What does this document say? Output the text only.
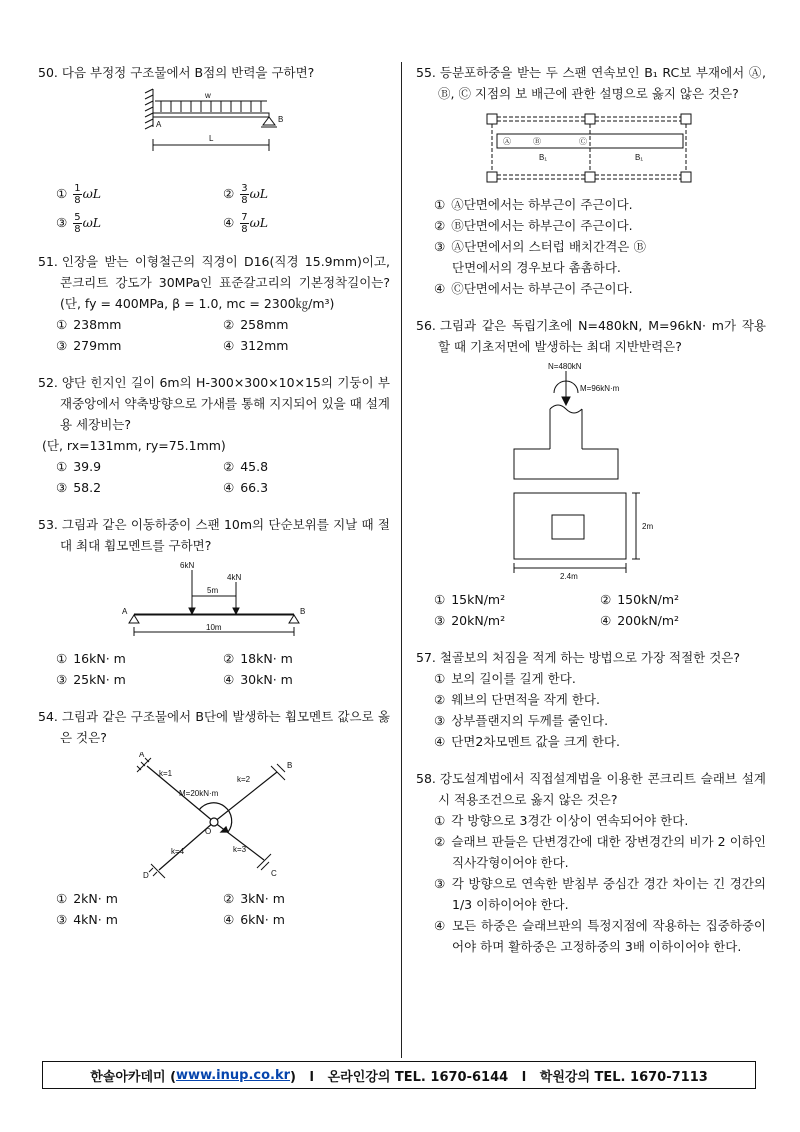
50. 다음 부정정 구조물에서 B점의 반력을 구하면?
w
A
B
L
① $\frac{1}{8}$ ωL	② $\frac{3}{8}$ ωL
③ $\frac{5}{8}$ ωL	④ $\frac{7}{8}$ ωL
51. 인장을 받는 이형철근의 직경이 D16(직경 15.9mm)이고, 콘크리트 강도가 30MPa인 표준갈고리의 기본정착길이는? (단, fy = 400MPa, β = 1.0, mc = 2300㎏/m³)
① 238mm	② 258mm
③ 279mm	④ 312mm
52. 양단 힌지인 길이 6m의 H-300×300×10×15의 기둥이 부재중앙에서 약축방향으로 가새를 통해 지지되어 있을 때 설계용 세장비는?
(단, rx=131mm, ry=75.1mm)
① 39.9	② 45.8
③ 58.2	④ 66.3
53. 그림과 같은 이동하중이 스팬 10m의 단순보위를 지날 때 절대 최대 휨모멘트를 구하면?
6kN
4kN
5m
10m
A	B
① 16kN· m	② 18kN· m
③ 25kN· m	④ 30kN· m
54. 그림과 같은 구조물에서 B단에 발생하는 휨모멘트 값으로 옳은 것은?
A
B
C
D
O
k=1
k=2
k=3
k=4
M=20kN·m
① 2kN· m	② 3kN· m
③ 4kN· m	④ 6kN· m
55. 등분포하중을 받는 두 스팬 연속보인 B₁ RC보 부재에서 Ⓐ, Ⓑ, Ⓒ 지점의 보 배근에 관한 설명으로 옳지 않은 것은?
Ⓐ	Ⓑ	Ⓒ
B₁	B₁
① Ⓐ단면에서는 하부근이 주근이다.
② Ⓑ단면에서는 하부근이 주근이다.
③ Ⓐ단면에서의 스터럽 배치간격은 Ⓑ단면에서의 경우보다 촘촘하다.
④ Ⓒ단면에서는 하부근이 주근이다.
56. 그림과 같은 독립기초에 N=480kN, M=96kN· m가 작용할 때 기초저면에 발생하는 최대 지반반력은?
N=480kN
M=96kN·m
2m
2.4m
① 15kN/m²	② 150kN/m²
③ 20kN/m²	④ 200kN/m²
57. 철골보의 처짐을 적게 하는 방법으로 가장 적절한 것은?
① 보의 길이를 길게 한다.
② 웨브의 단면적을 작게 한다.
③ 상부플랜지의 두께를 줄인다.
④ 단면2차모멘트 값을 크게 한다.
58. 강도설계법에서 직접설계법을 이용한 콘크리트 슬래브 설계 시 적용조건으로 옳지 않은 것은?
① 각 방향으로 3경간 이상이 연속되어야 한다.
② 슬래브 판들은 단변경간에 대한 장변경간의 비가 2 이하인 직사각형이어야 한다.
③ 각 방향으로 연속한 받침부 중심간 경간 차이는 긴 경간의 1/3 이하이어야 한다.
④ 모든 하중은 슬래브판의 특정지점에 작용하는 집중하중이어야 하며 활하중은 고정하중의 3배 이하이어야 한다.
한솔아카데미 ( www.inup.co.kr )   l   온라인강의 TEL. 1670-6144   l   학원강의 TEL. 1670-7113
